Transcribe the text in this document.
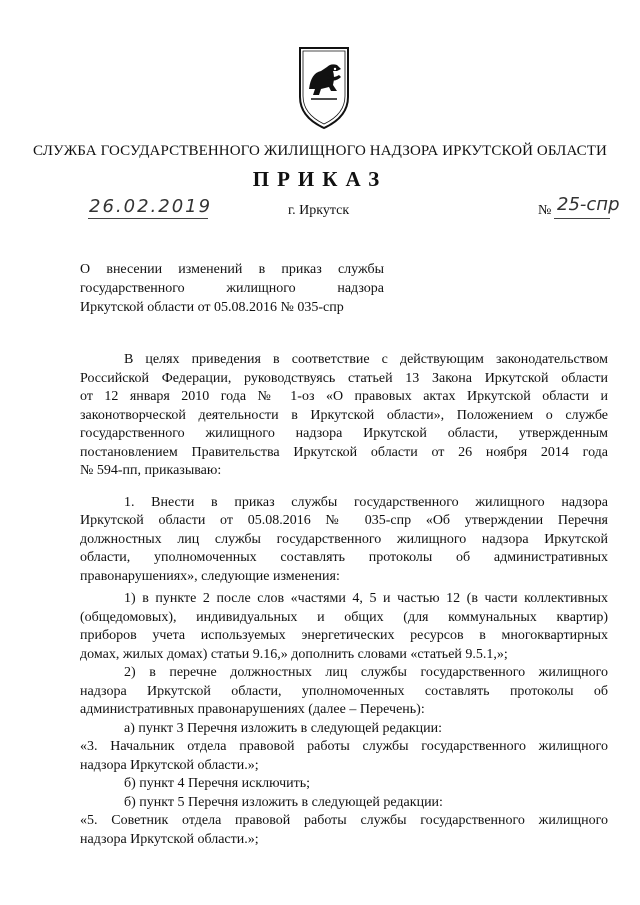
СЛУЖБА ГОСУДАРСТВЕННОГО ЖИЛИЩНОГО НАДЗОРА ИРКУТСКОЙ ОБЛАСТИ
ПРИКАЗ
26.02.2019	г. Иркутск	№ 25-спр
О внесении изменений в приказ службы
государственного жилищного надзора
Иркутской области от 05.08.2016 № 035-спр
В целях приведения в соответствие с действующим законодательством
Российской Федерации, руководствуясь статьей 13 Закона Иркутской области
от 12 января 2010 года № 1-оз «О правовых актах Иркутской области и
законотворческой деятельности в Иркутской области», Положением о службе
государственного жилищного надзора Иркутской области, утвержденным
постановлением Правительства Иркутской области от 26 ноября 2014 года
№ 594-пп, приказываю:
1. Внести в приказ службы государственного жилищного надзора
Иркутской области от 05.08.2016 № 035-спр «Об утверждении Перечня
должностных лиц службы государственного жилищного надзора Иркутской
области, уполномоченных составлять протоколы об административных
правонарушениях», следующие изменения:
1) в пункте 2 после слов «частями 4, 5 и частью 12 (в части коллективных
(общедомовых), индивидуальных и общих (для коммунальных квартир)
приборов учета используемых энергетических ресурсов в многоквартирных
домах, жилых домах) статьи 9.16,» дополнить словами «статьей 9.5.1,»;
2) в перечне должностных лиц службы государственного жилищного
надзора Иркутской области, уполномоченных составлять протоколы об
административных правонарушениях (далее – Перечень):
а) пункт 3 Перечня изложить в следующей редакции:
«3. Начальник отдела правовой работы службы государственного жилищного
надзора Иркутской области.»;
б) пункт 4 Перечня исключить;
б) пункт 5 Перечня изложить в следующей редакции:
«5. Советник отдела правовой работы службы государственного жилищного
надзора Иркутской области.»;
